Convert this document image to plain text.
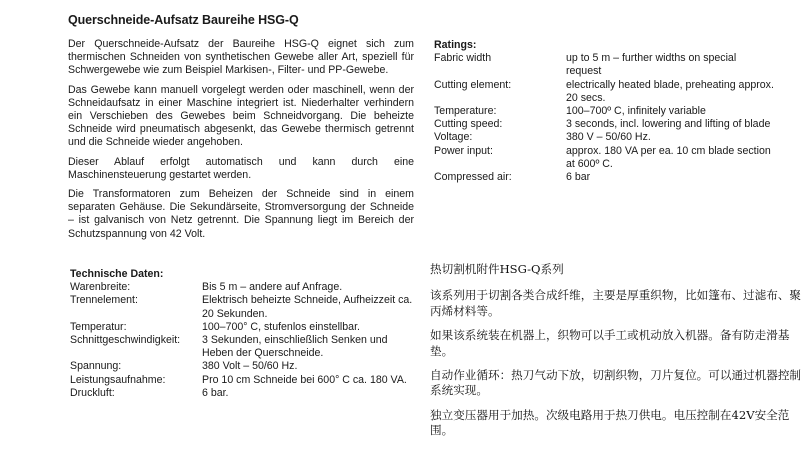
Querschneide-Aufsatz Baureihe HSG-Q

Der Querschneide-Aufsatz der Baureihe HSG-Q eignet sich zum thermischen Schneiden von synthetischen Gewebe aller Art, speziell für Schwergewebe wie zum Beispiel Markisen-, Filter- und PP-Gewebe.

Das Gewebe kann manuell vorgelegt werden oder maschinell, wenn der Schneidaufsatz in einer Maschine integriert ist. Niederhalter verhindern ein Verschieben des Gewebes beim Schneidvorgang. Die beheizte Schneide wird pneumatisch abgesenkt, das Gewebe thermisch getrennt und die Schneide wieder angehoben.

Dieser Ablauf erfolgt automatisch und kann durch eine Maschinensteuerung gestartet werden.

Die Transformatoren zum Beheizen der Schneide sind in einem separaten Gehäuse. Die Sekundärseite, Stromversorgung der Schneide – ist galvanisch von Netz getrennt. Die Spannung liegt im Bereich der Schutzspannung von 42 Volt.

Ratings:
Fabric width	up to 5 m – further widths on special request
Cutting element:	electrically heated blade, preheating approx. 20 secs.
Temperature:	100–700º C, infinitely variable
Cutting speed:	3 seconds, incl. lowering and lifting of blade
Voltage:	380 V – 50/60 Hz.
Power input:	approx. 180 VA per ea. 10 cm blade section at 600º C.
Compressed air:	6 bar
Technische Daten:
Warenbreite:	Bis 5 m – andere auf Anfrage.
Trennelement:	Elektrisch beheizte Schneide, Aufheizzeit ca. 20 Sekunden.
Temperatur:	100–700° C, stufenlos einstellbar.
Schnittgeschwindigkeit:	3 Sekunden, einschließlich Senken und Heben der Querschneide.
Spannung:	380 Volt – 50/60 Hz.
Leistungsaufnahme:	Pro 10 cm Schneide bei 600° C ca. 180 VA.
Druckluft:	6 bar.

热切割机附件HSG-Q系列

该系列用于切割各类合成纤维，主要是厚重织物，比如篷布、过滤布、聚丙烯材料等。

如果该系统装在机器上，织物可以手工或机动放入机器。备有防走滑基垫。

自动作业循环：热刀气动下放，切割织物，刀片复位。可以通过机器控制系统实现。

独立变压器用于加热。次级电路用于热刀供电。电压控制在42V安全范围。
